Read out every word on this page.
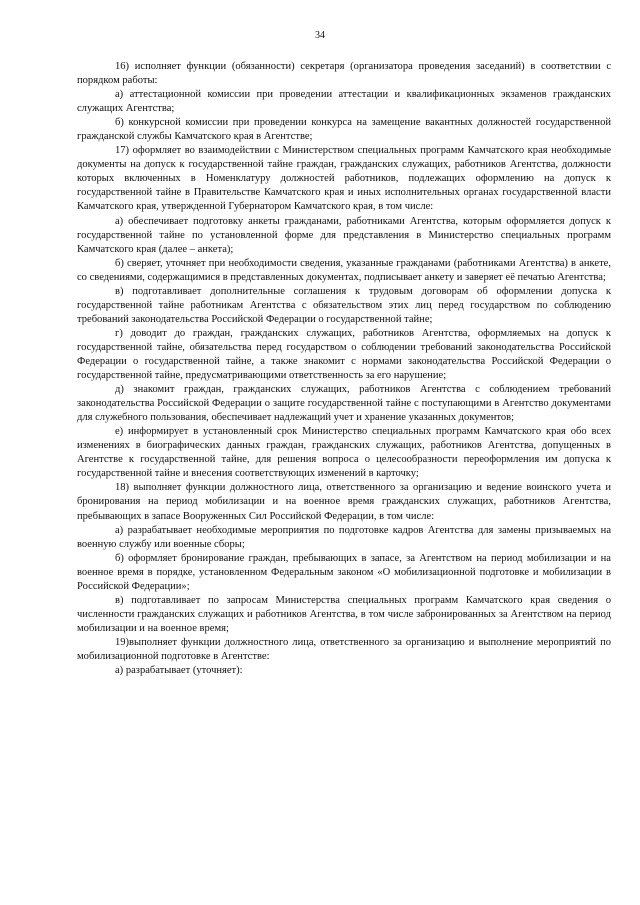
34

16) исполняет функции (обязанности) секретаря (организатора проведения заседаний) в соответствии с порядком работы:

а) аттестационной комиссии при проведении аттестации и квалификационных экзаменов гражданских служащих Агентства;

б) конкурсной комиссии при проведении конкурса на замещение вакантных должностей государственной гражданской службы Камчатского края в Агентстве;

17) оформляет во взаимодействии с Министерством специальных программ Камчатского края необходимые документы на допуск к государственной тайне граждан, гражданских служащих, работников Агентства, должности которых включенных в Номенклатуру должностей работников, подлежащих оформлению на допуск к государственной тайне в Правительстве Камчатского края и иных исполнительных органах государственной власти Камчатского края, утвержденной Губернатором Камчатского края, в том числе:

а) обеспечивает подготовку анкеты гражданами, работниками Агентства, которым оформляется допуск к государственной тайне по установленной форме для представления в Министерство специальных программ Камчатского края (далее – анкета);

б) сверяет, уточняет при необходимости сведения, указанные гражданами (работниками Агентства) в анкете, со сведениями, содержащимися в представленных документах, подписывает анкету и заверяет её печатью Агентства;

в) подготавливает дополнительные соглашения к трудовым договорам об оформлении допуска к государственной тайне работникам Агентства с обязательством этих лиц перед государством по соблюдению требований законодательства Российской Федерации о государственной тайне;

г) доводит до граждан, гражданских служащих, работников Агентства, оформляемых на допуск к государственной тайне, обязательства перед государством о соблюдении требований законодательства Российской Федерации о государственной тайне, а также знакомит с нормами законодательства Российской Федерации о государственной тайне, предусматривающими ответственность за его нарушение;

д) знакомит граждан, гражданских служащих, работников Агентства с соблюдением требований законодательства Российской Федерации о защите государственной тайне с поступающими в Агентство документами для служебного пользования, обеспечивает надлежащий учет и хранение указанных документов;

е) информирует в установленный срок Министерство специальных программ Камчатского края обо всех изменениях в биографических данных граждан, гражданских служащих, работников Агентства, допущенных в Агентстве к государственной тайне, для решения вопроса о целесообразности переоформления им допуска к государственной тайне и внесения соответствующих изменений в карточку;

18) выполняет функции должностного лица, ответственного за организацию и ведение воинского учета и бронирования на период мобилизации и на военное время гражданских служащих, работников Агентства, пребывающих в запасе Вооруженных Сил Российской Федерации, в том числе:

а) разрабатывает необходимые мероприятия по подготовке кадров Агентства для замены призываемых на военную службу или военные сборы;

б) оформляет бронирование граждан, пребывающих в запасе, за Агентством на период мобилизации и на военное время в порядке, установленном Федеральным законом «О мобилизационной подготовке и мобилизации в Российской Федерации»;

в) подготавливает по запросам Министерства специальных программ Камчатского края сведения о численности гражданских служащих и работников Агентства, в том числе забронированных за Агентством на период мобилизации и на военное время;

19)выполняет функции должностного лица, ответственного за организацию и выполнение мероприятий по мобилизационной подготовке в Агентстве:

а) разрабатывает (уточняет):
